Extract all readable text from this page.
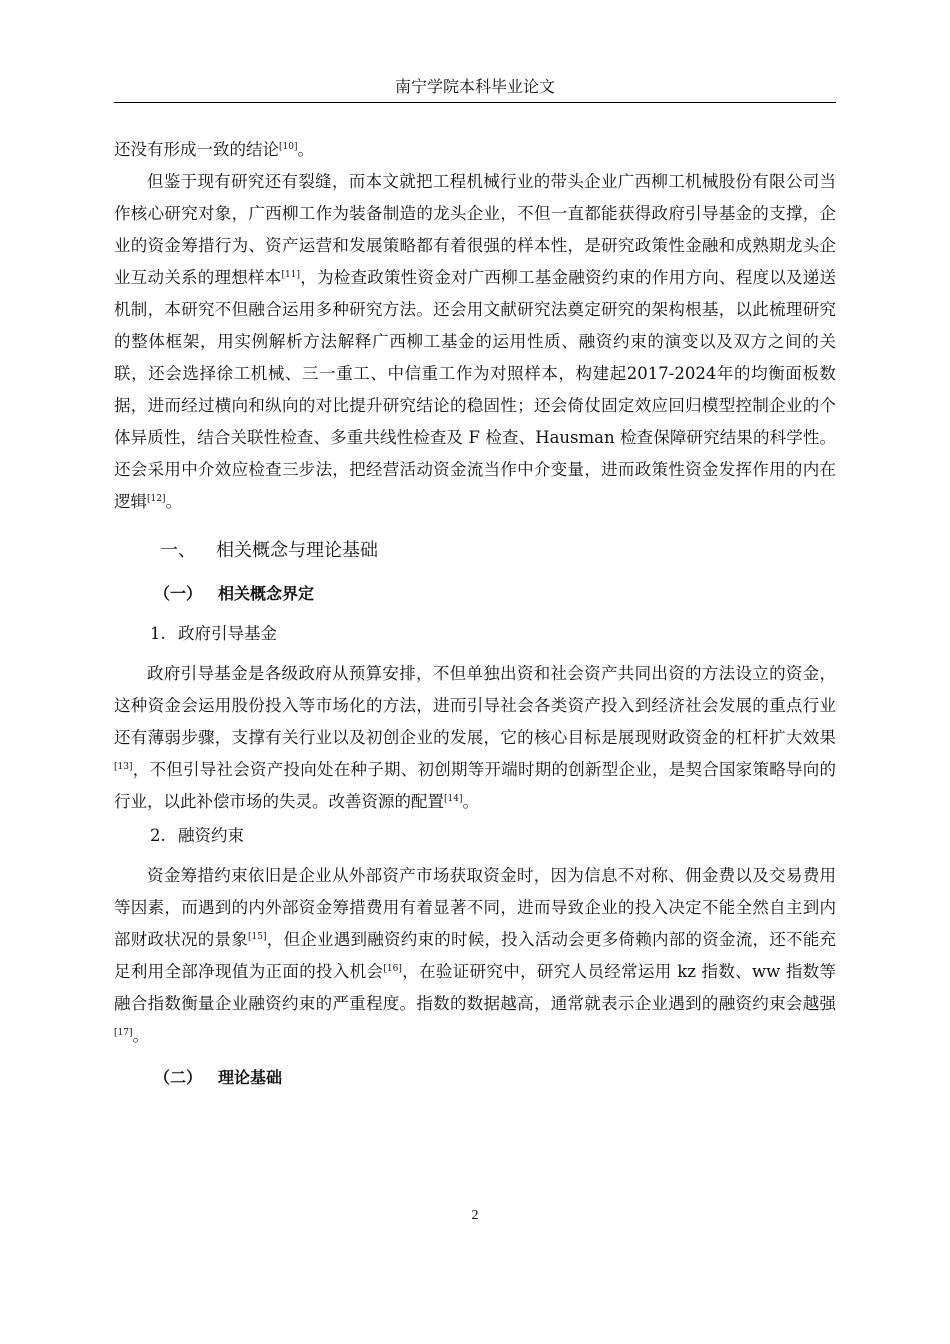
南宁学院本科毕业论文

还没有形成一致的结论[10]。

但鉴于现有研究还有裂缝，而本文就把工程机械行业的带头企业广西柳工机械股份有限公司当作核心研究对象，广西柳工作为装备制造的龙头企业，不但一直都能获得政府引导基金的支撑，企业的资金筹措行为、资产运营和发展策略都有着很强的样本性，是研究政策性金融和成熟期龙头企业互动关系的理想样本[11]，为检查政策性资金对广西柳工基金融资约束的作用方向、程度以及递送机制，本研究不但融合运用多种研究方法。还会用文献研究法奠定研究的架构根基，以此梳理研究的整体框架，用实例解析方法解释广西柳工基金的运用性质、融资约束的演变以及双方之间的关联，还会选择徐工机械、三一重工、中信重工作为对照样本，构建起2017-2024年的均衡面板数据，进而经过横向和纵向的对比提升研究结论的稳固性；还会倚仗固定效应回归模型控制企业的个体异质性，结合关联性检查、多重共线性检查及 F 检查、Hausman 检查保障研究结果的科学性。还会采用中介效应检查三步法，把经营活动资金流当作中介变量，进而政策性资金发挥作用的内在逻辑[12]。

一、 相关概念与理论基础
（一） 相关概念界定
1. 政府引导基金

政府引导基金是各级政府从预算安排，不但单独出资和社会资产共同出资的方法设立的资金，这种资金会运用股份投入等市场化的方法，进而引导社会各类资产投入到经济社会发展的重点行业还有薄弱步骤，支撑有关行业以及初创企业的发展，它的核心目标是展现财政资金的杠杆扩大效果[13]，不但引导社会资产投向处在种子期、初创期等开端时期的创新型企业，是契合国家策略导向的行业，以此补偿市场的失灵。改善资源的配置[14]。

2. 融资约束

资金筹措约束依旧是企业从外部资产市场获取资金时，因为信息不对称、佣金费以及交易费用等因素，而遇到的内外部资金筹措费用有着显著不同，进而导致企业的投入决定不能全然自主到内部财政状况的景象[15]，但企业遇到融资约束的时候，投入活动会更多倚赖内部的资金流，还不能充足利用全部净现值为正面的投入机会[16]，在验证研究中，研究人员经常运用 kz 指数、ww 指数等融合指数衡量企业融资约束的严重程度。指数的数据越高，通常就表示企业遇到的融资约束会越强[17]。

（二） 理论基础
2
